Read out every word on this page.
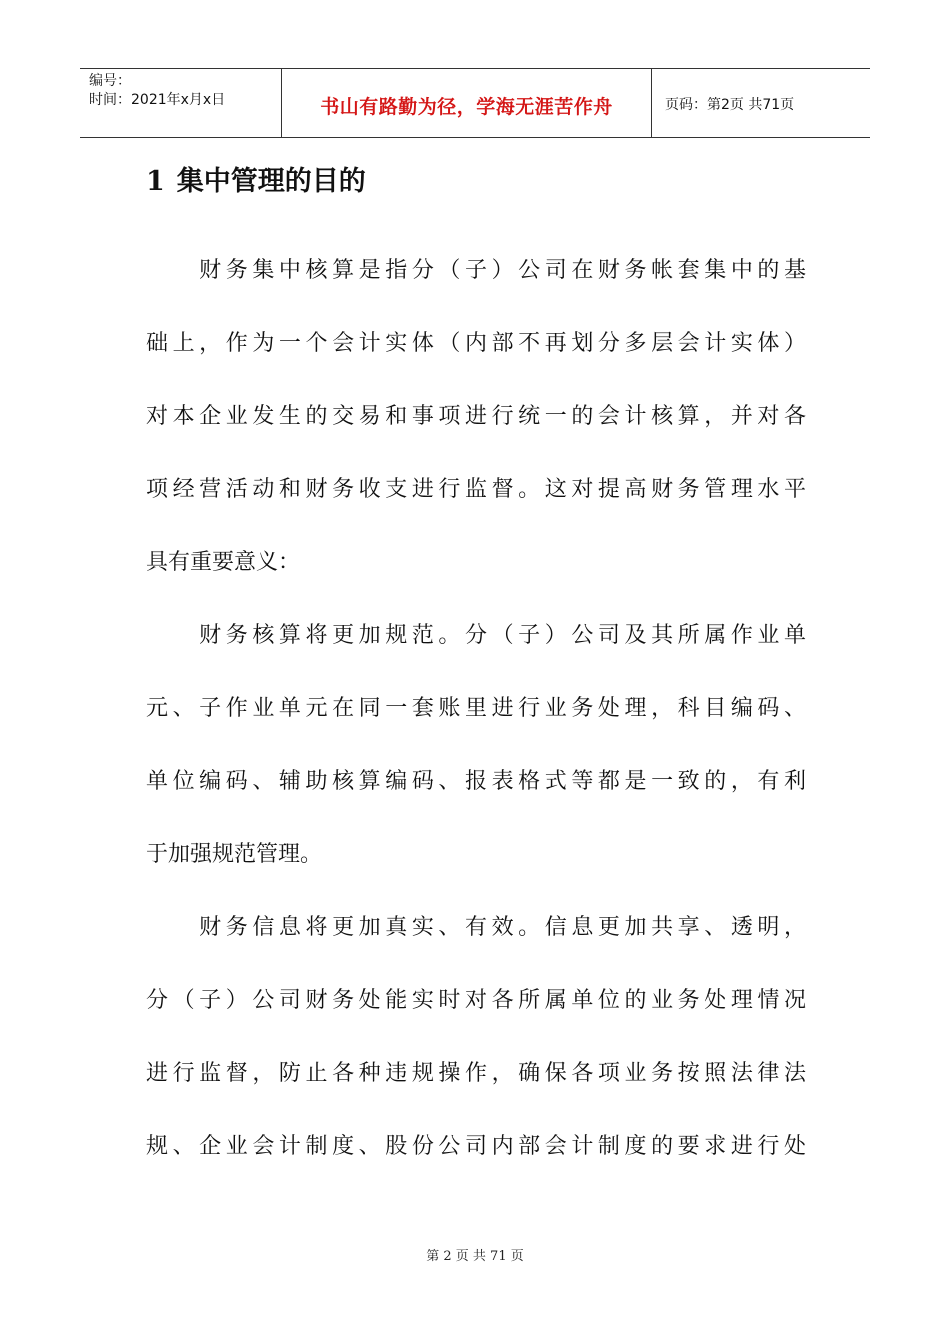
编号：
时间：2021年x月x日	书山有路勤为径，学海无涯苦作舟	页码：第2页 共71页
1 集中管理的目的

　　财务集中核算是指分（子）公司在财务帐套集中的基

础上，作为一个会计实体（内部不再划分多层会计实体）

对本企业发生的交易和事项进行统一的会计核算，并对各

项经营活动和财务收支进行监督。这对提高财务管理水平

具有重要意义：

　　财务核算将更加规范。分（子）公司及其所属作业单

元、子作业单元在同一套账里进行业务处理，科目编码、

单位编码、辅助核算编码、报表格式等都是一致的，有利

于加强规范管理。

　　财务信息将更加真实、有效。信息更加共享、透明，

分（子）公司财务处能实时对各所属单位的业务处理情况

进行监督，防止各种违规操作，确保各项业务按照法律法

规、企业会计制度、股份公司内部会计制度的要求进行处

第 2 页 共 71 页
